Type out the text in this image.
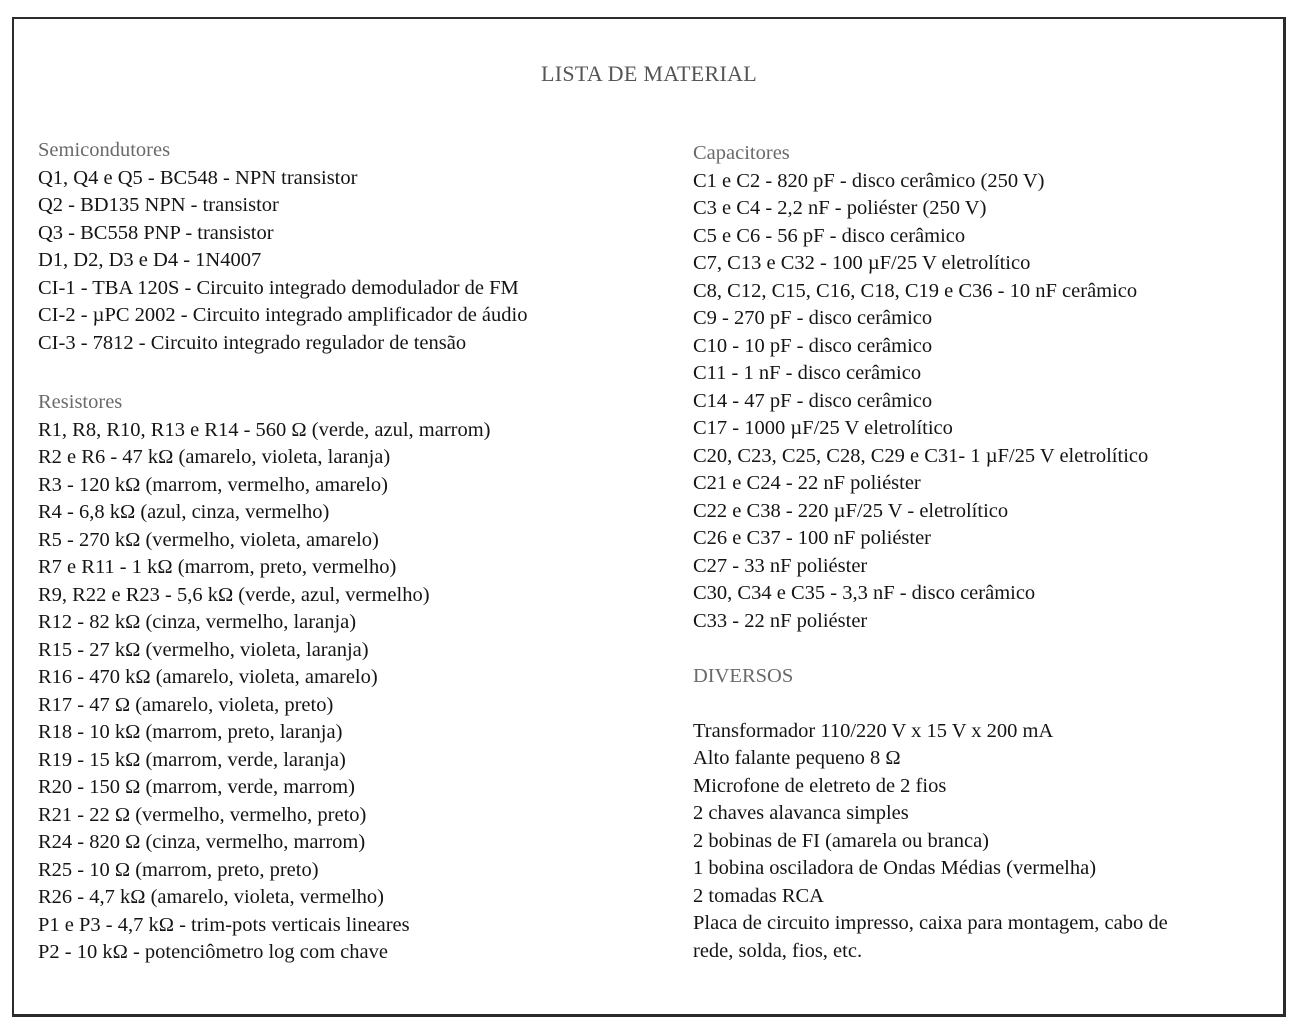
LISTA DE MATERIAL
Semicondutores
Q1, Q4 e Q5 - BC548 - NPN transistor
Q2 - BD135 NPN - transistor
Q3 - BC558 PNP - transistor
D1, D2, D3 e D4 - 1N4007
CI-1 - TBA 120S - Circuito integrado demodulador de FM
CI-2 - µPC 2002 - Circuito integrado amplificador de áudio
CI-3 - 7812 - Circuito integrado regulador de tensão
Resistores
R1, R8, R10, R13 e R14 - 560 Ω (verde, azul, marrom)
R2 e R6 - 47 kΩ (amarelo, violeta, laranja)
R3 - 120 kΩ (marrom, vermelho, amarelo)
R4 - 6,8 kΩ (azul, cinza, vermelho)
R5 - 270 kΩ (vermelho, violeta, amarelo)
R7 e R11 - 1 kΩ (marrom, preto, vermelho)
R9, R22 e R23 - 5,6 kΩ (verde, azul, vermelho)
R12 - 82 kΩ (cinza, vermelho, laranja)
R15 - 27 kΩ (vermelho, violeta, laranja)
R16 - 470 kΩ (amarelo, violeta, amarelo)
R17 - 47 Ω (amarelo, violeta, preto)
R18 - 10 kΩ (marrom, preto, laranja)
R19 - 15 kΩ (marrom, verde, laranja)
R20 - 150 Ω (marrom, verde, marrom)
R21 - 22 Ω (vermelho, vermelho, preto)
R24 - 820 Ω (cinza, vermelho, marrom)
R25 - 10 Ω (marrom, preto, preto)
R26 - 4,7 kΩ (amarelo, violeta, vermelho)
P1 e P3 - 4,7 kΩ - trim-pots verticais lineares
P2 - 10 kΩ - potenciômetro log com chave
Capacitores
C1 e C2 - 820 pF - disco cerâmico (250 V)
C3 e C4 - 2,2 nF - poliéster (250 V)
C5 e C6 - 56 pF - disco cerâmico
C7, C13 e C32 - 100 µF/25 V eletrolítico
C8, C12, C15, C16, C18, C19 e C36 - 10 nF cerâmico
C9 - 270 pF - disco cerâmico
C10 - 10 pF - disco cerâmico
C11 - 1 nF - disco cerâmico
C14 - 47 pF - disco cerâmico
C17 - 1000 µF/25 V eletrolítico
C20, C23, C25, C28, C29 e C31- 1 µF/25 V eletrolítico
C21 e C24 - 22 nF poliéster
C22 e C38 - 220 µF/25 V - eletrolítico
C26 e C37 - 100 nF poliéster
C27 - 33 nF poliéster
C30, C34 e C35 - 3,3 nF - disco cerâmico
C33 - 22 nF poliéster
DIVERSOS
Transformador 110/220 V x 15 V x 200 mA
Alto falante pequeno 8 Ω
Microfone de eletreto de 2 fios
2 chaves alavanca simples
2 bobinas de FI (amarela ou branca)
1 bobina osciladora de Ondas Médias (vermelha)
2 tomadas RCA
Placa de circuito impresso, caixa para montagem, cabo de
rede, solda, fios, etc.
